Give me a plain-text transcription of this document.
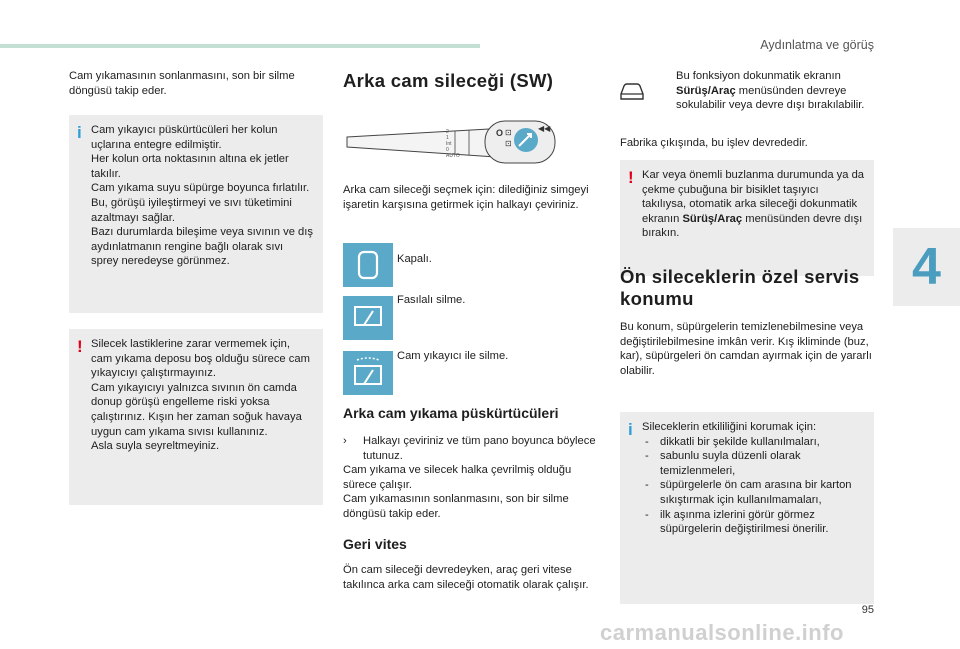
Aydınlatma ve görüş

Cam yıkamasının sonlanmasını, son bir silme döngüsü takip eder.

i Cam yıkayıcı püskürtücüleri her kolun uçlarına entegre edilmiştir.

Her kolun orta noktasının altına ek jetler takılır.

Cam yıkama suyu süpürge boyunca fırlatılır. Bu, görüşü iyileştirmeyi ve sıvı tüketimini azaltmayı sağlar.

Bazı durumlarda bileşime veya sıvının ve dış aydınlatmanın rengine bağlı olarak sıvı sprey neredeyse görünmez.

! Silecek lastiklerine zarar vermemek için, cam yıkama deposu boş olduğu sürece cam yıkayıcıyı çalıştırmayınız.

Cam yıkayıcıyı yalnızca sıvının ön camda donup görüşü engelleme riski yoksa çalıştırınız. Kışın her zaman soğuk havaya uygun cam yıkama sıvısı kullanınız.

Asla suyla seyreltmeyiniz.

Arka cam sileceği (SW)
◀◀
O ⊡
⊡
2
1
Int
0
AUTO

Arka cam sileceği seçmek için: dilediğiniz simgeyi işaretin karşısına getirmek için halkayı çeviriniz.

Kapalı.
Fasılalı silme.
Cam yıkayıcı ile silme.
Arka cam yıkama püskürtücüleri

› Halkayı çeviriniz ve tüm pano boyunca böylece tutunuz.

Cam yıkama ve silecek halka çevrilmiş olduğu sürece çalışır.

Cam yıkamasının sonlanmasını, son bir silme döngüsü takip eder.

Geri vites

Ön cam sileceği devredeyken, araç geri vitese takılınca arka cam sileceği otomatik olarak çalışır.

Bu fonksiyon dokunmatik ekranın Sürüş/Araç menüsünden devreye sokulabilir veya devre dışı bırakılabilir.

Fabrika çıkışında, bu işlev devrededir.

! Kar veya önemli buzlanma durumunda ya da çekme çubuğuna bir bisiklet taşıyıcı takılıysa, otomatik arka sileceği dokunmatik ekranın Sürüş/Araç menüsünden devre dışı bırakın.

Ön sileceklerin özel servis
konumu

Bu konum, süpürgelerin temizlenebilmesine veya değiştirilebilmesine imkân verir. Kış ikliminde (buz, kar), süpürgeleri ön camdan ayırmak için de yararlı olabilir.

i Sileceklerin etkililiğini korumak için:

- dikkatli bir şekilde kullanılmaları,
- sabunlu suyla düzenli olarak temizlenmeleri,
- süpürgelerle ön cam arasına bir karton sıkıştırmak için kullanılmamaları,
- ilk aşınma izlerini görür görmez süpürgelerin değiştirilmesi önerilir.
4
95
carmanualsonline.info
